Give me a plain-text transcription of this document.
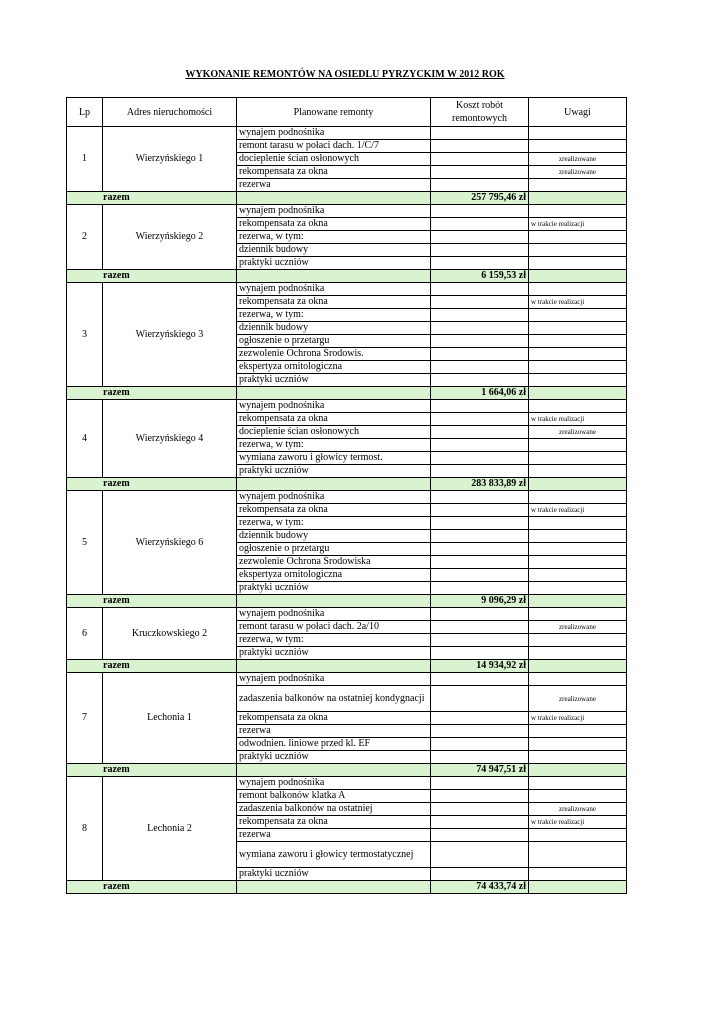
WYKONANIE REMONTÓW NA OSIEDLU PYRZYCKIM W 2012 ROK
Lp	Adres nieruchomości	Planowane remonty	Koszt robót remontowych	Uwagi
1	Wierzyńskiego 1	wynajem podnośnika		
		remont tarasu w połaci dach. 1/C/7		
		docieplenie ścian osłonowych		zrealizowane
		rekompensata za okna		zrealizowane
		rezerwa		
razem			257 795,46 zł	
2	Wierzyńskiego 2	wynajem podnośnika		
		rekompensata za okna		w trakcie realizacji
		rezerwa, w tym:		
		dziennik budowy		
		praktyki uczniów		
razem			6 159,53 zł	
3	Wierzyńskiego 3	wynajem podnośnika		
		rekompensata za okna		w trakcie realizacji
		rezerwa, w tym:		
		dziennik budowy		
		ogłoszenie o przetargu		
		zezwolenie Ochrona Środowis.		
		ekspertyza ornitologiczna		
		praktyki uczniów		
razem			1 664,06 zł	
4	Wierzyńskiego 4	wynajem podnośnika		
		rekompensata za okna		w trakcie realizacji
		docieplenie ścian osłonowych		zrealizowane
		rezerwa, w tym:		
		wymiana zaworu i głowicy termost.		
		praktyki uczniów		
razem			283 833,89 zł	
5	Wierzyńskiego 6	wynajem podnośnika		
		rekompensata za okna		w trakcie realizacji
		rezerwa, w tym:		
		dziennik budowy		
		ogłoszenie o przetargu		
		zezwolenie Ochrona Środowiska		
		ekspertyza ornitologiczna		
		praktyki uczniów		
razem			9 096,29 zł	
6	Kruczkowskiego 2	wynajem podnośnika		
		remont tarasu w połaci dach. 2a/10		zrealizowane
		rezerwa, w tym:		
		praktyki uczniów		
razem			14 934,92 zł	
7	Lechonia 1	wynajem podnośnika		
		zadaszenia balkonów na ostatniej kondygnacji		zrealizowane
		rekompensata za okna		w trakcie realizacji
		rezerwa		
		odwodnien. liniowe przed kl. EF		
		praktyki uczniów		
razem			74 947,51 zł	
8	Lechonia 2	wynajem podnośnika		
		remont balkonów klatka A		
		zadaszenia balkonów na ostatniej		zrealizowane
		rekompensata za okna		w trakcie realizacji
		rezerwa		
		wymiana zaworu i głowicy termostatycznej		
		praktyki uczniów		
razem			74 433,74 zł	
